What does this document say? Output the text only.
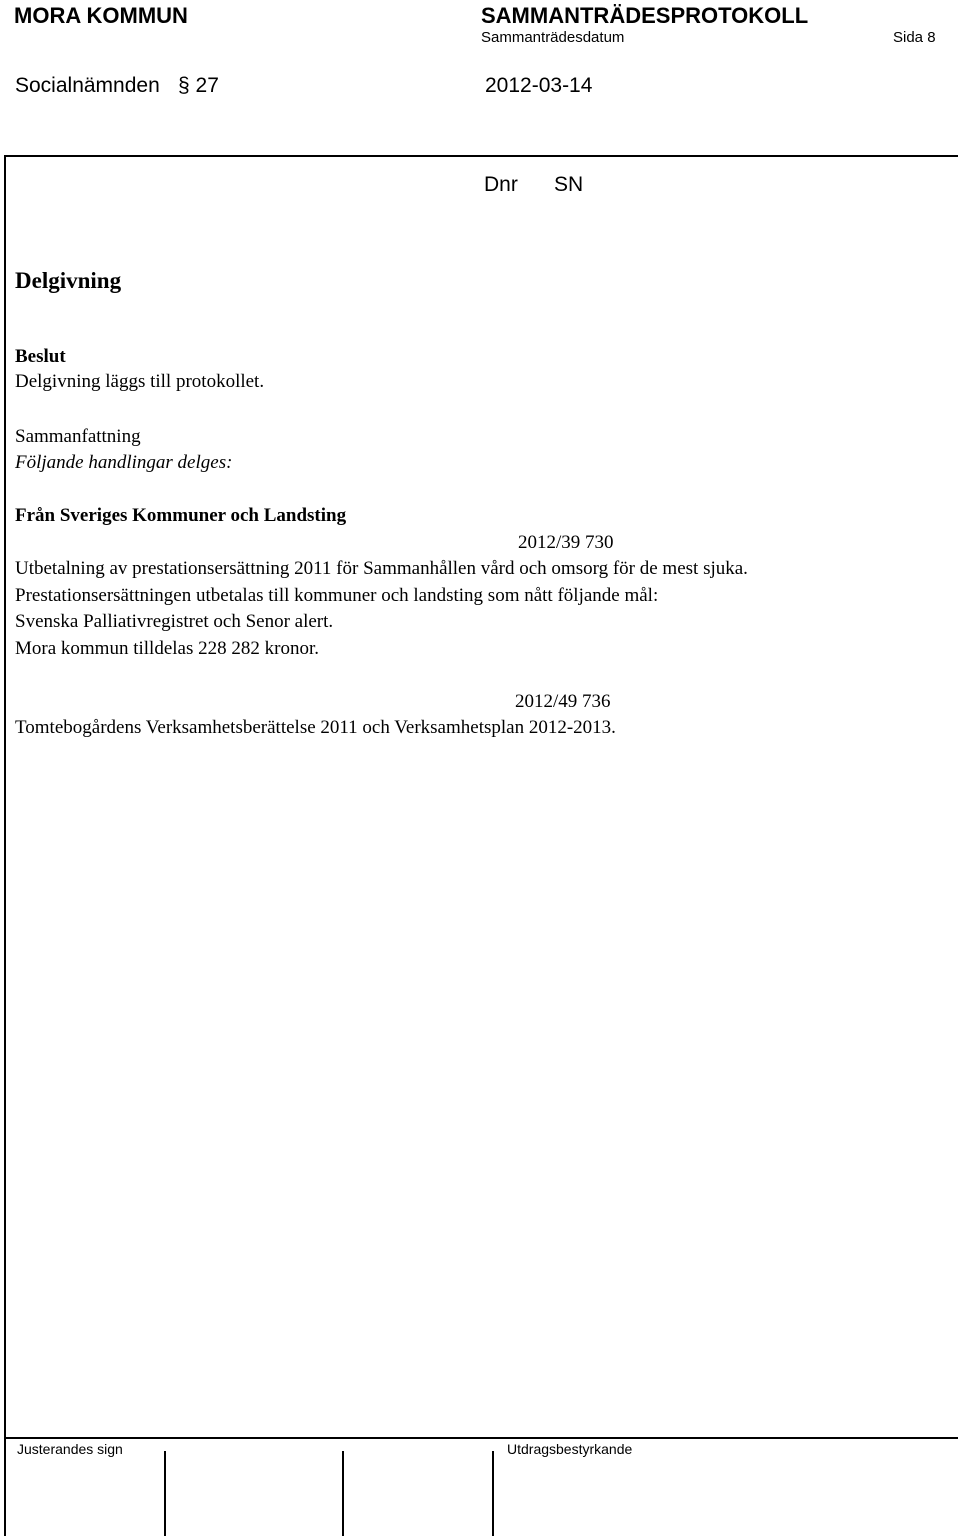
MORA KOMMUN	SAMMANTRÄDESPROTOKOLL
Sammanträdesdatum	Sida 8
Socialnämnden § 27	2012-03-14
Dnr SN
Delgivning
Beslut
Delgivning läggs till protokollet.
Sammanfattning
Följande handlingar delges:
Från Sveriges Kommuner och Landsting
2012/39 730
Utbetalning av prestationsersättning 2011 för Sammanhållen vård och omsorg för de mest sjuka.
Prestationsersättningen utbetalas till kommuner och landsting som nått följande mål:
Svenska Palliativregistret och Senor alert.
Mora kommun tilldelas 228 282 kronor.
2012/49 736
Tomtebogårdens Verksamhetsberättelse 2011 och Verksamhetsplan 2012-2013.
Justerandes sign	Utdragsbestyrkande
